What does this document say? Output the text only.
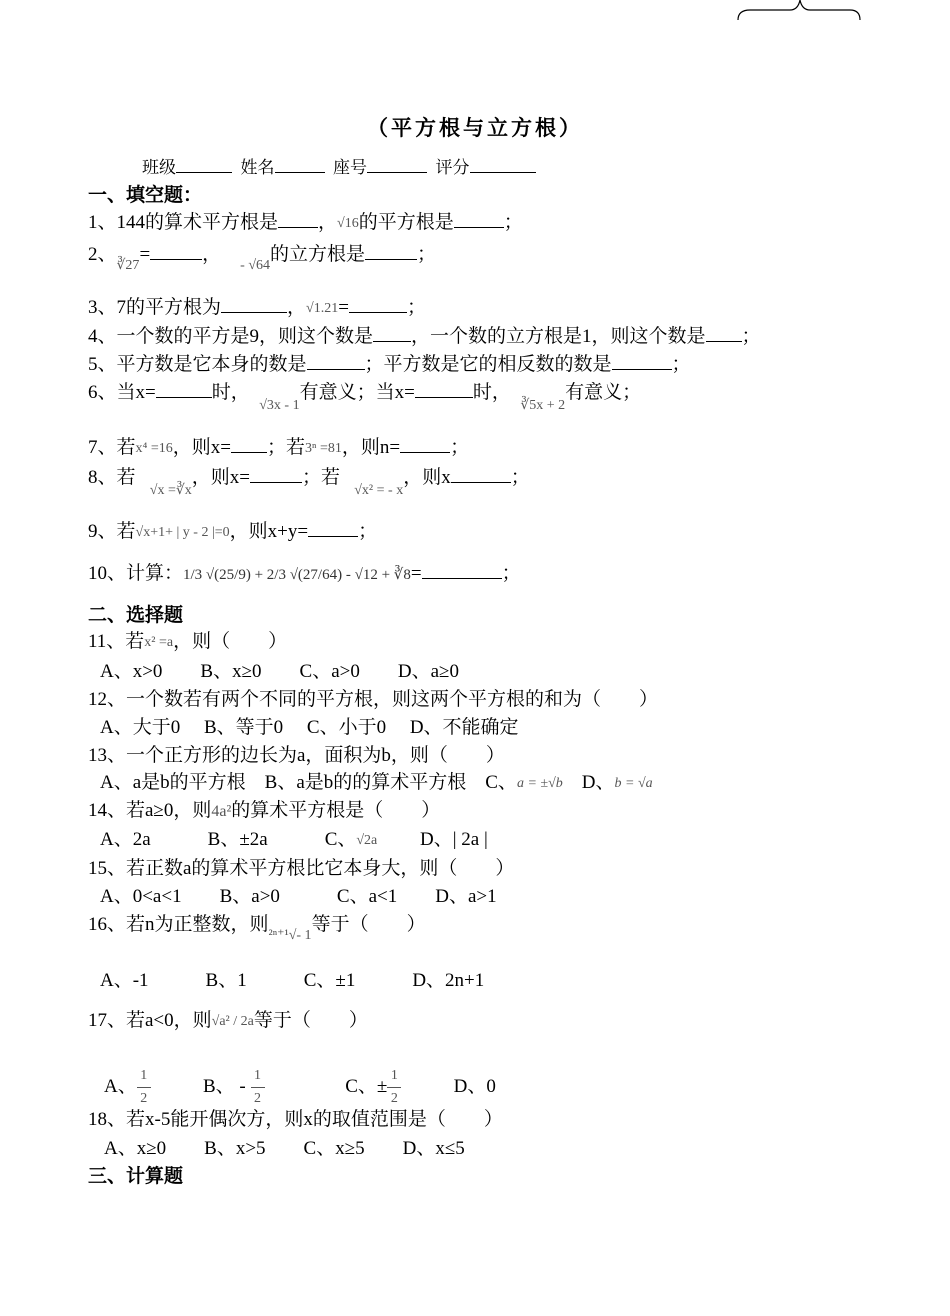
（平方根与立方根）
班级	姓名	座号	评分
一、填空题：
1、144的算术平方根是 ，√16的平方根是	；
2、∛27=	，    - √64的立方根是	；
3、7的平方根为	，√1.21=	；
4、一个数的平方是9，则这个数是 ，一个数的立方根是1，则这个数是 ；
5、平方数是它本身的数是	；平方数是它的相反数的数是	；
6、当x=	时，  √3x - 1有意义；当x=	时，  ∛5x + 2有意义；
7、若x⁴ =16，则x= ；若3ⁿ =81，则n=	；
8、若   √x =∛x，则x=	；若   √x² = - x，则x	；
9、若√x+1+ | y - 2 |=0，则x+y=	；
10、计算：1/3 √(25/9) + 2/3 √(27/64) - √12 + ∛8=	；
二、选择题
11、若x² =a，则（　　）
A、x>0　　B、x≥0　　C、a>0　　D、a≥0
12、一个数若有两个不同的平方根，则这两个平方根的和为（　　）
A、大于0　 B、等于0　 C、小于0　 D、不能确定
13、一个正方形的边长为a，面积为b，则（　　）
A、a是b的平方根　B、a是b的的算术平方根　C、a = ±√b D、b = √a
14、若a≥0，则4a²的算术平方根是（　　）
A、2a　　　B、±2a　　　C、√2a D、| 2a |
15、若正数a的算术平方根比它本身大，则（　　）
A、0<a<1　　B、a>0　　　C、a<1　　D、a>1
16、若n为正整数，则²ⁿ⁺¹√- 1等于（　　）
A、-1　　　B、1　　　C、±1　　　D、2n+1
17、若a<0，则√a² / 2a等于（　　）
A、 $\frac{1}{2}$	B、 - $\frac{1}{2}$	C、± $\frac{1}{2}$	D、0
18、若x-5能开偶次方，则x的取值范围是（　　）
A、x≥0　　B、x>5　　C、x≥5　　D、x≤5
三、计算题
